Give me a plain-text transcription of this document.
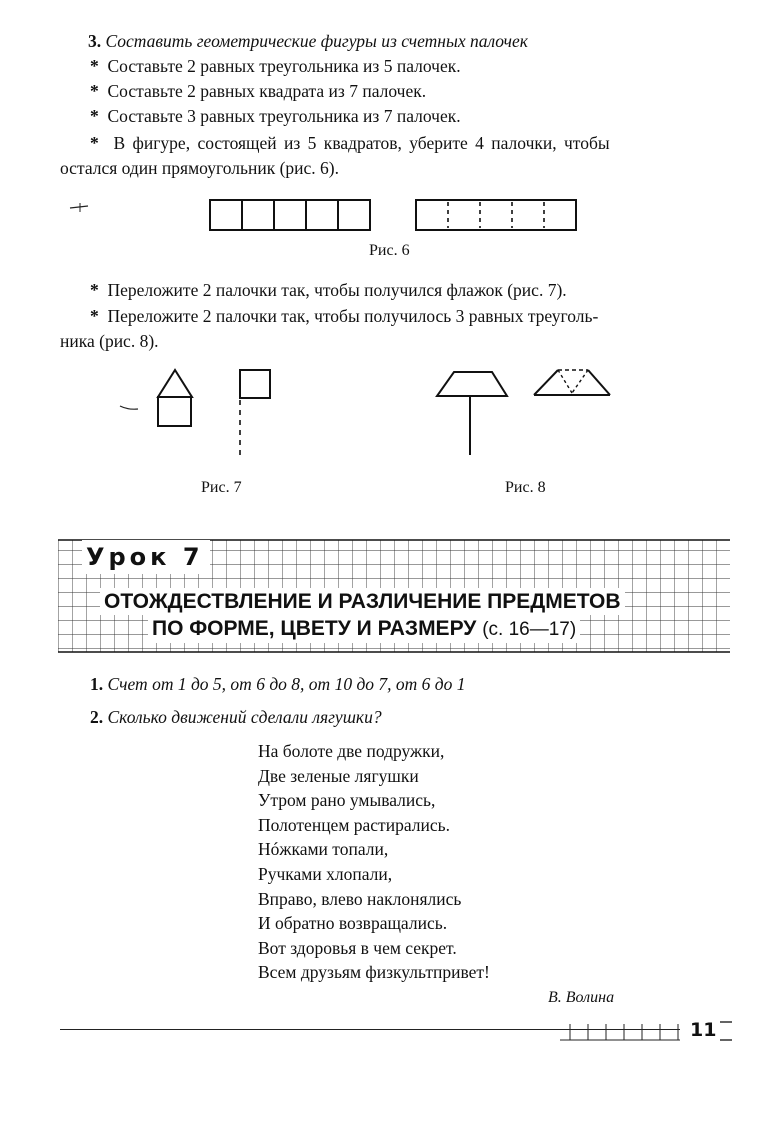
3. Составить геометрические фигуры из счетных палочек
* Составьте 2 равных треугольника из 5 палочек.
* Составьте 2 равных квадрата из 7 палочек.
* Составьте 3 равных треугольника из 7 палочек.
* В фигуре, состоящей из 5 квадратов, уберите 4 палочки, чтобы
остался один прямоугольник (рис. 6).
Рис. 6
* Переложите 2 палочки так, чтобы получился флажок (рис. 7).
* Переложите 2 палочки так, чтобы получилось 3 равных треуголь-
ника (рис. 8).
Рис. 7	Рис. 8
Урок 7
ОТОЖДЕСТВЛЕНИЕ И РАЗЛИЧЕНИЕ ПРЕДМЕТОВ
ПО ФОРМЕ, ЦВЕТУ И РАЗМЕРУ (с. 16—17)
1. Счет от 1 до 5, от 6 до 8, от 10 до 7, от 6 до 1
2. Сколько движений сделали лягушки?
На болоте две подружки,
Две зеленые лягушки
Утром рано умывались,
Полотенцем растирались.
Нóжками топали,
Ручками хлопали,
Вправо, влево наклонялись
И обратно возвращались.
Вот здоровья в чем секрет.
Всем друзьям физкультпривет!
В. Волина
11
